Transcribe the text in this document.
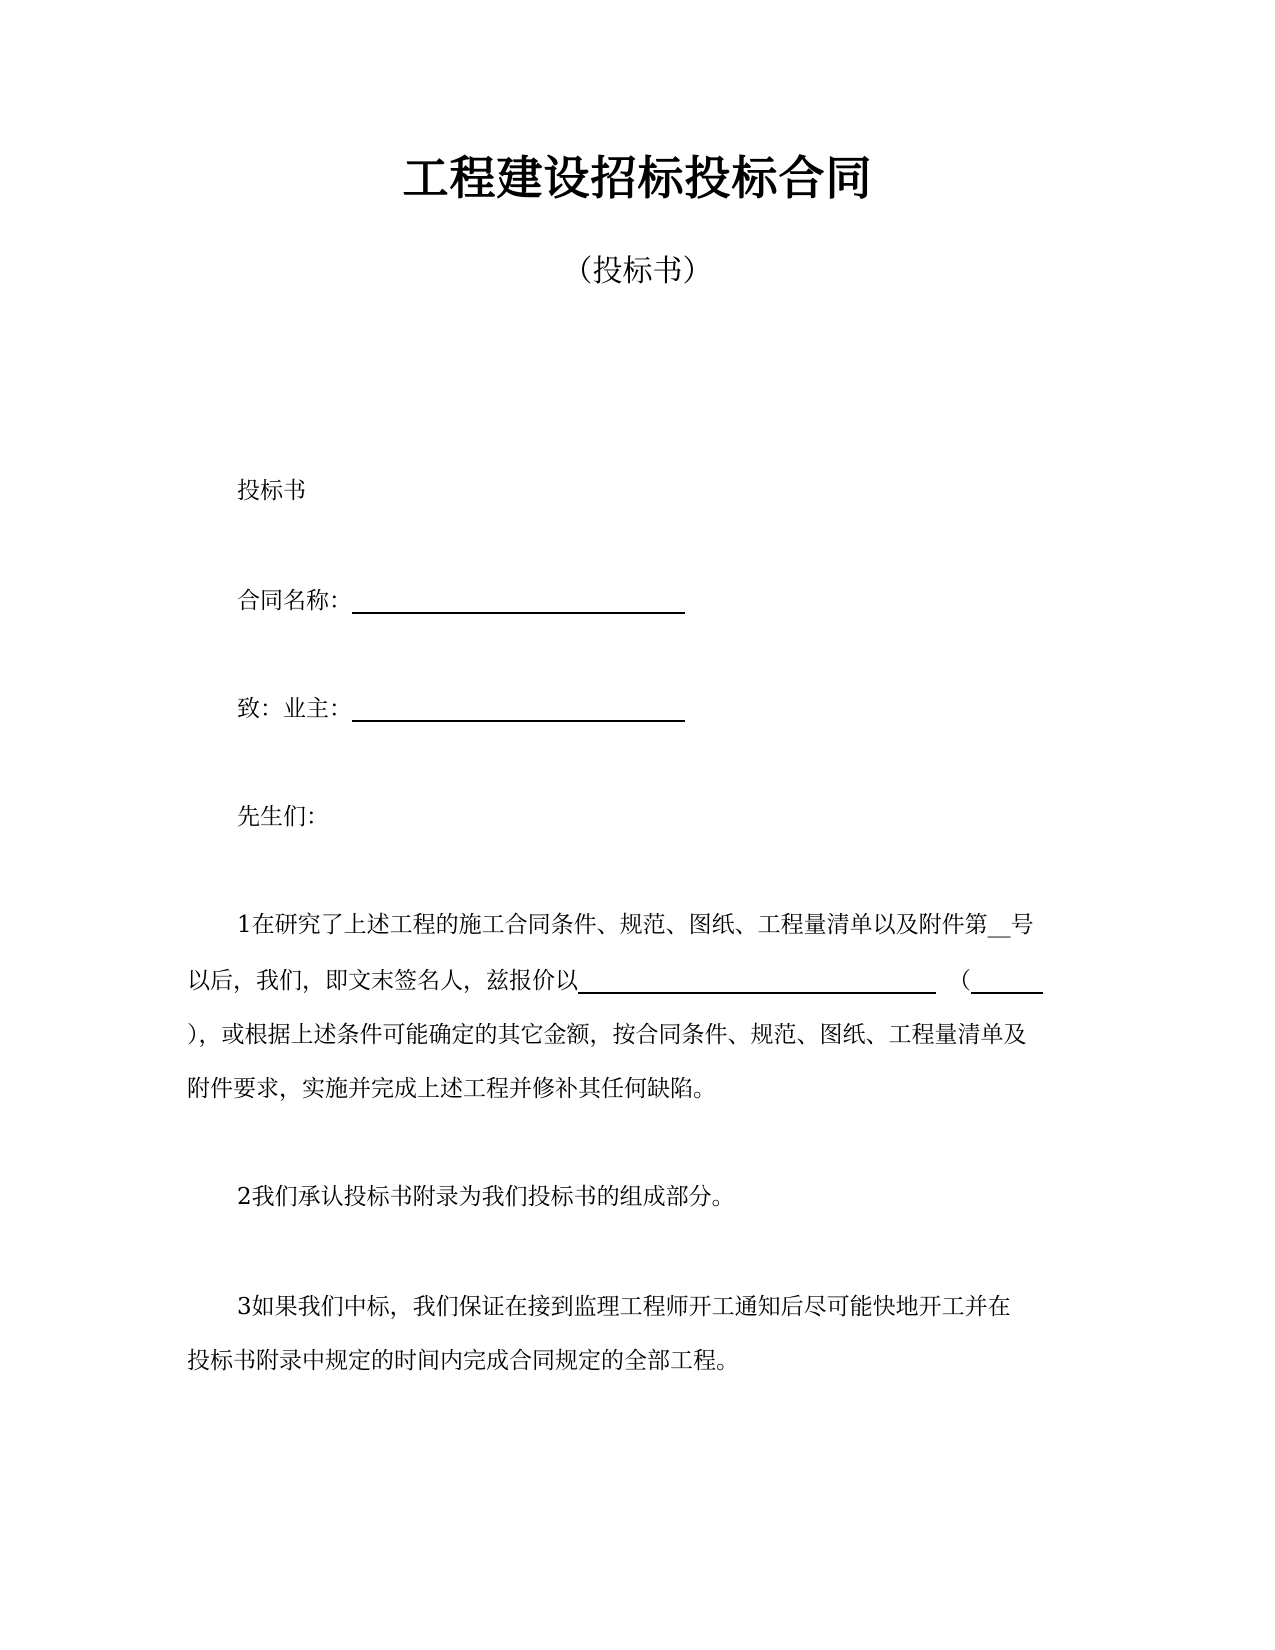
工程建设招标投标合同
（投标书）
投标书
合同名称：
致：业主：
先生们：
1在研究了上述工程的施工合同条件、规范、图纸、工程量清单以及附件第__号
以后，我们，即文末签名人，兹报价以	（
），或根据上述条件可能确定的其它金额，按合同条件、规范、图纸、工程量清单及
附件要求，实施并完成上述工程并修补其任何缺陷。
2我们承认投标书附录为我们投标书的组成部分。
3如果我们中标，我们保证在接到监理工程师开工通知后尽可能快地开工并在
投标书附录中规定的时间内完成合同规定的全部工程。
